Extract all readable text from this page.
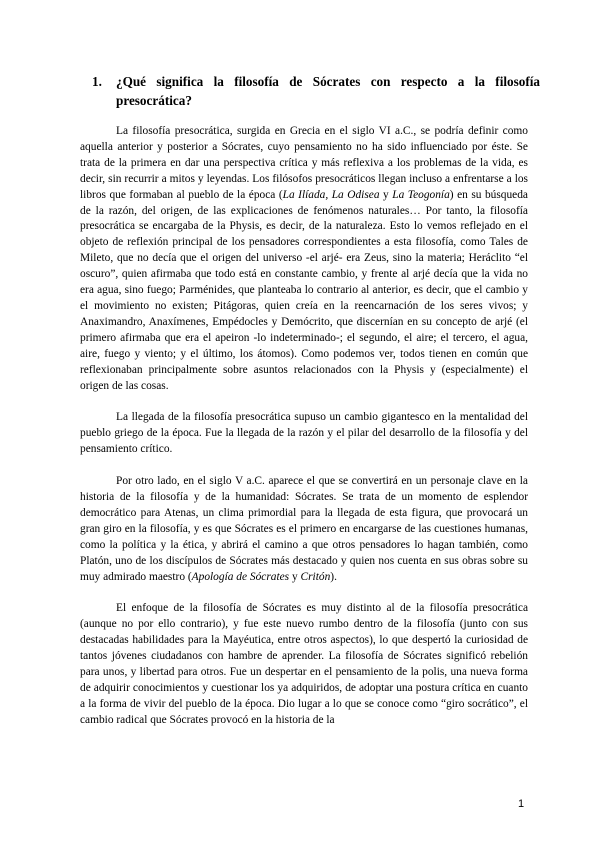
1. ¿Qué significa la filosofía de Sócrates con respecto a la filosofía presocrática?

La filosofía presocrática, surgida en Grecia en el siglo VI a.C., se podría definir como aquella anterior y posterior a Sócrates, cuyo pensamiento no ha sido influenciado por éste. Se trata de la primera en dar una perspectiva crítica y más reflexiva a los problemas de la vida, es decir, sin recurrir a mitos y leyendas. Los filósofos presocráticos llegan incluso a enfrentarse a los libros que formaban al pueblo de la época (La Ilíada, La Odisea y La Teogonía) en su búsqueda de la razón, del origen, de las explicaciones de fenómenos naturales… Por tanto, la filosofía presocrática se encargaba de la Physis, es decir, de la naturaleza. Esto lo vemos reflejado en el objeto de reflexión principal de los pensadores correspondientes a esta filosofía, como Tales de Mileto, que no decía que el origen del universo -el arjé- era Zeus, sino la materia; Heráclito “el oscuro”, quien afirmaba que todo está en constante cambio, y frente al arjé decía que la vida no era agua, sino fuego; Parménides, que planteaba lo contrario al anterior, es decir, que el cambio y el movimiento no existen; Pitágoras, quien creía en la reencarnación de los seres vivos; y Anaximandro, Anaxímenes, Empédocles y Demócrito, que discernían en su concepto de arjé (el primero afirmaba que era el apeiron -lo indeterminado-; el segundo, el aire; el tercero, el agua, aire, fuego y viento; y el último, los átomos). Como podemos ver, todos tienen en común que reflexionaban principalmente sobre asuntos relacionados con la Physis y (especialmente) el origen de las cosas.

La llegada de la filosofía presocrática supuso un cambio gigantesco en la mentalidad del pueblo griego de la época. Fue la llegada de la razón y el pilar del desarrollo de la filosofía y del pensamiento crítico.

Por otro lado, en el siglo V a.C. aparece el que se convertirá en un personaje clave en la historia de la filosofía y de la humanidad: Sócrates. Se trata de un momento de esplendor democrático para Atenas, un clima primordial para la llegada de esta figura, que provocará un gran giro en la filosofía, y es que Sócrates es el primero en encargarse de las cuestiones humanas, como la política y la ética, y abrirá el camino a que otros pensadores lo hagan también, como Platón, uno de los discípulos de Sócrates más destacado y quien nos cuenta en sus obras sobre su muy admirado maestro (Apología de Sócrates y Critón).

El enfoque de la filosofía de Sócrates es muy distinto al de la filosofía presocrática (aunque no por ello contrario), y fue este nuevo rumbo dentro de la filosofía (junto con sus destacadas habilidades para la Mayéutica, entre otros aspectos), lo que despertó la curiosidad de tantos jóvenes ciudadanos con hambre de aprender. La filosofía de Sócrates significó rebelión para unos, y libertad para otros. Fue un despertar en el pensamiento de la polis, una nueva forma de adquirir conocimientos y cuestionar los ya adquiridos, de adoptar una postura crítica en cuanto a la forma de vivir del pueblo de la época. Dio lugar a lo que se conoce como “giro socrático”, el cambio radical que Sócrates provocó en la historia de la

1
